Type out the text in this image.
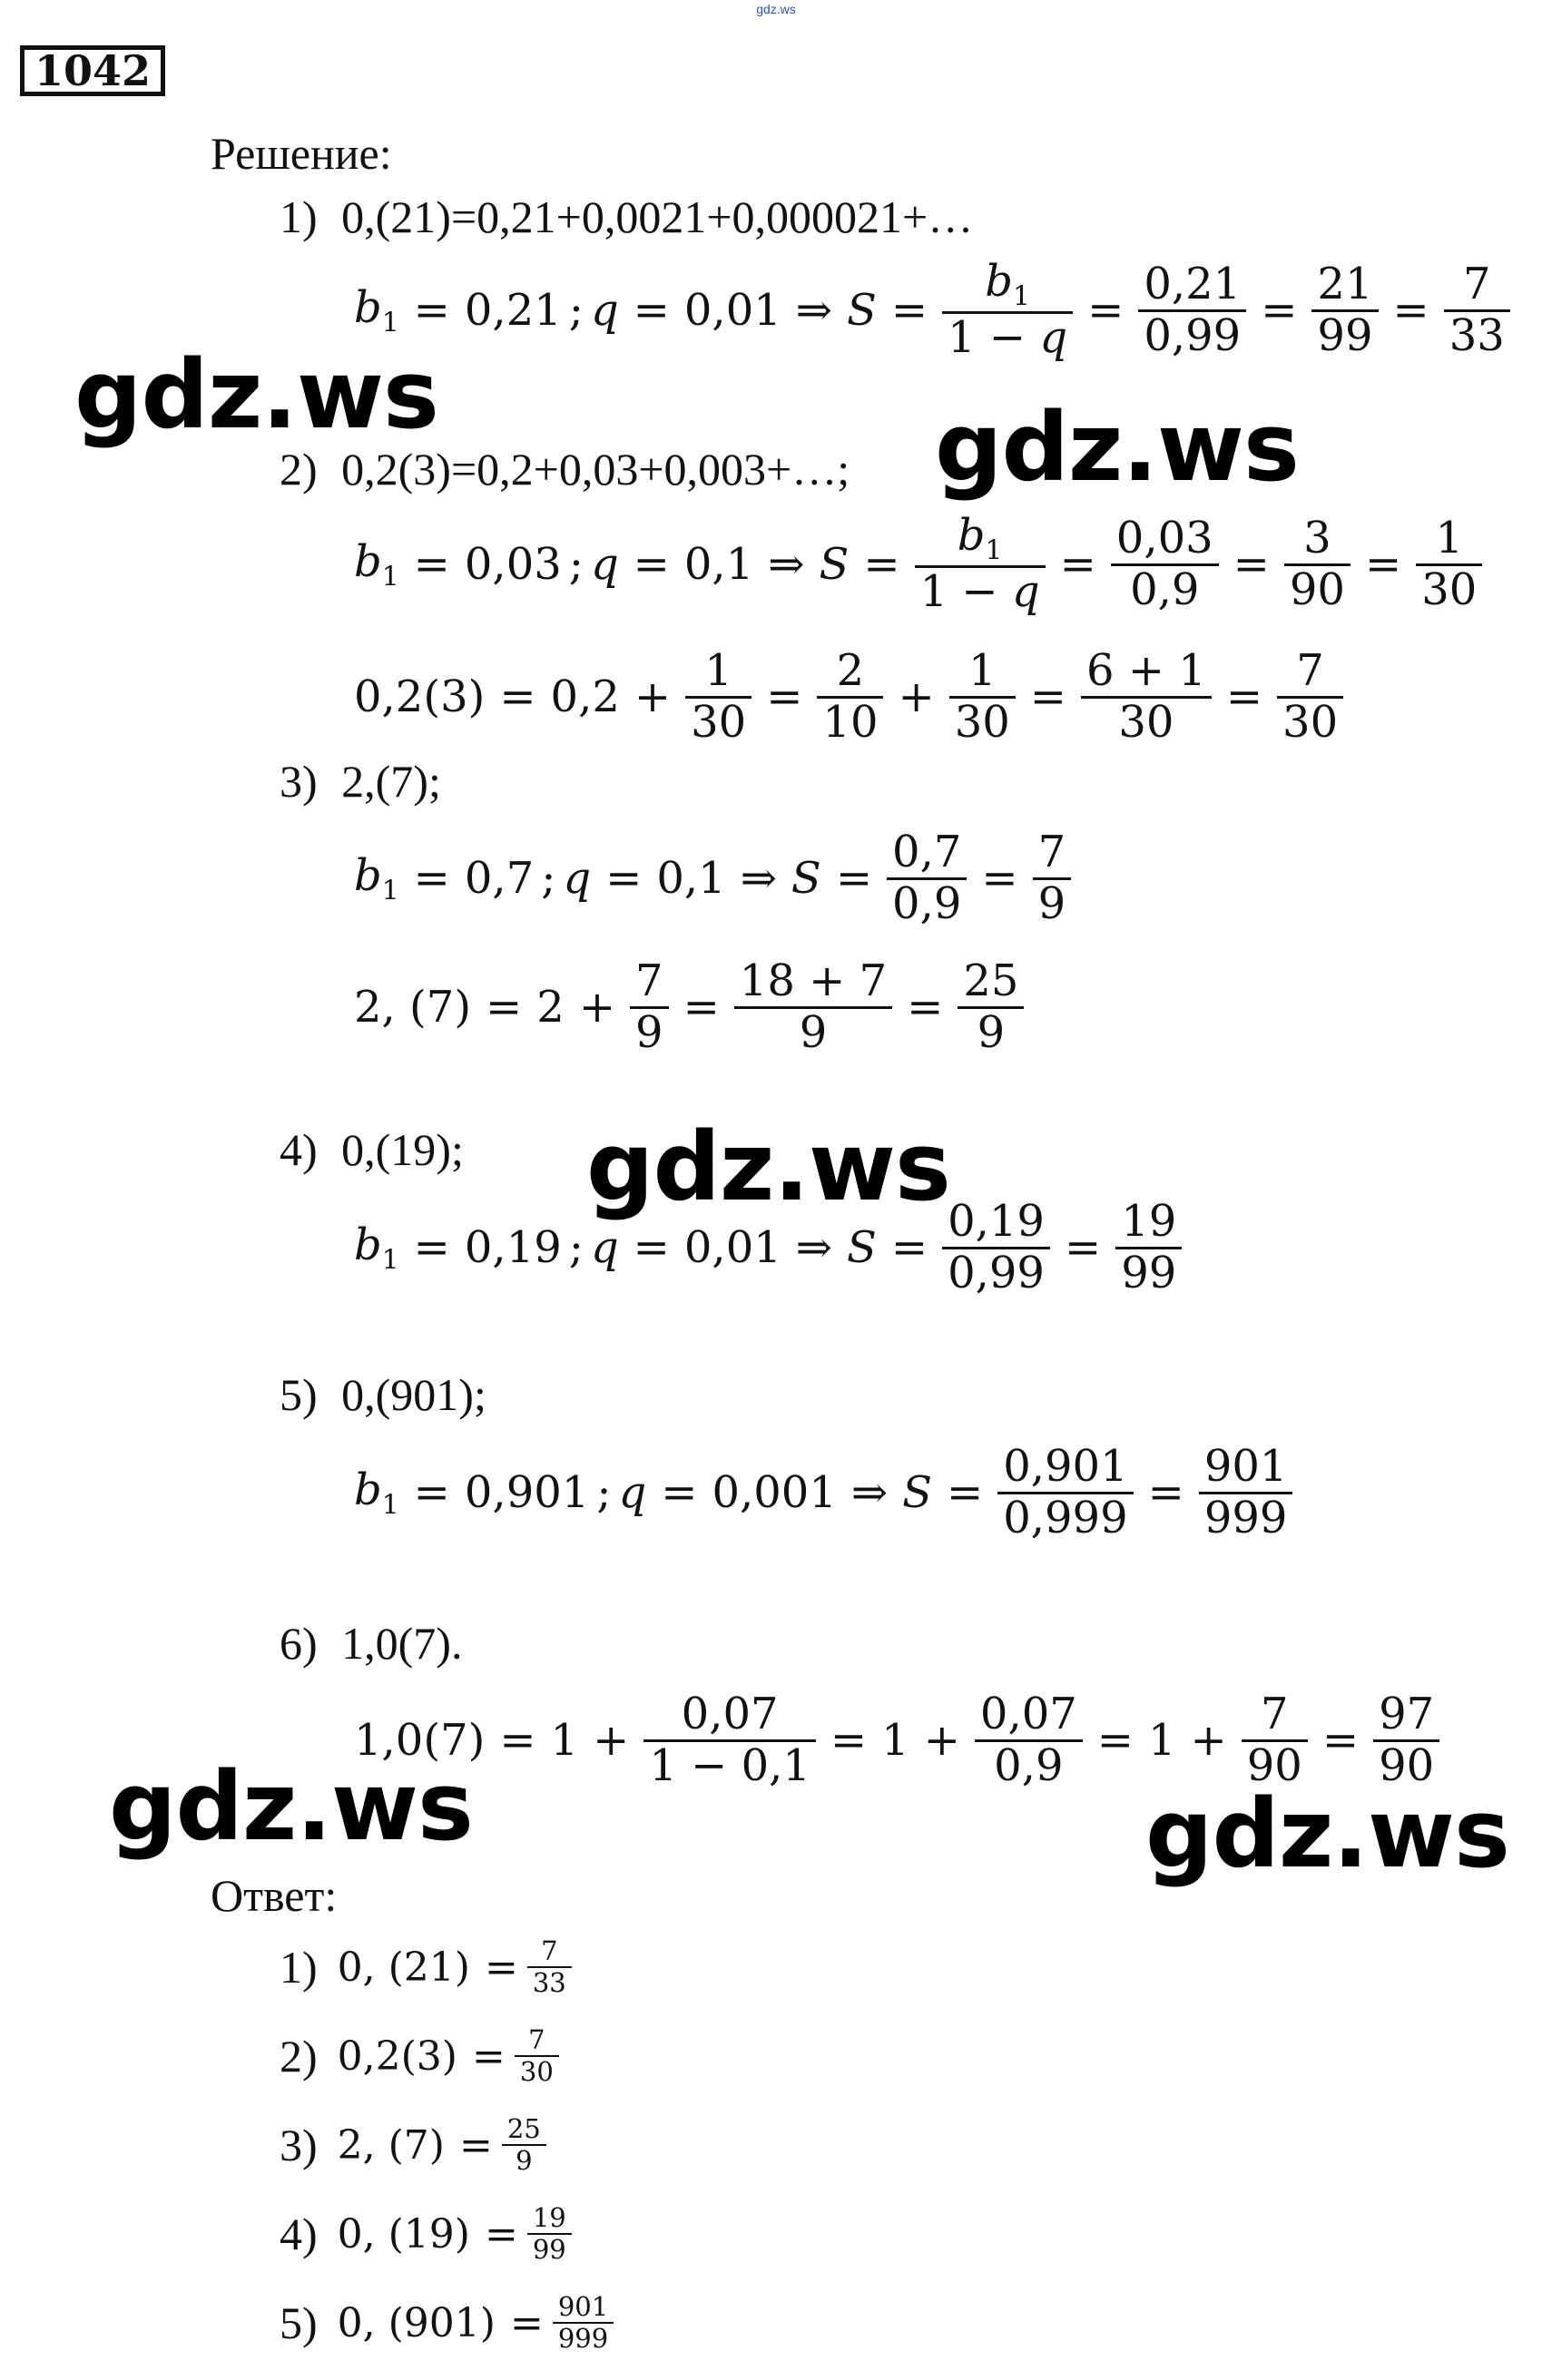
gdz.ws
1042
Решение:
1) 0,(21)=0,21+0,0021+0,000021+…
$b_1 = 0,21$ ; q = 0,01 ⇒ $S = \frac{b_1}{1 - q} = \frac{0,21}{0,99} = \frac{21}{99} = \frac{7}{33}$
2) 0,2(3)=0,2+0,03+0,003+…;
$b_1 = 0,03$ ; q = 0,1 ⇒ $S = \frac{b_1}{1 - q} = \frac{0,03}{0,9} = \frac{3}{90} = \frac{1}{30}$
$0,2(3) = 0,2 + \frac{1}{30} = \frac{2}{10} + \frac{1}{30} = \frac{6 + 1}{30} = \frac{7}{30}$
3) 2,(7);
$b_1 = 0,7$ ; q = 0,1 ⇒ $S = \frac{0,7}{0,9} = \frac{7}{9}$
2, $(7) = 2 + \frac{7}{9} = \frac{18 + 7}{9} = \frac{25}{9}$
4) 0,(19);
$b_1 = 0,19$ ; q = 0,01 ⇒ $S = \frac{0,19}{0,99} = \frac{19}{99}$
5) 0,(901);
$b_1 = 0,901$ ; q = 0,001 ⇒ $S = \frac{0,901}{0,999} = \frac{901}{999}$
6) 1,0(7).
$1,0(7) = 1 + \frac{0,07}{1 - 0,1} = 1 + \frac{0,07}{0,9} = 1 + \frac{7}{90} = \frac{97}{90}$
Ответ:
1) 0, $(21) = \frac{7}{33}$
2) $0,2(3) = \frac{7}{30}$
3) 2, $(7) = \frac{25}{9}$
4) 0, $(19) = \frac{19}{99}$
5) 0, $(901) = \frac{901}{999}$
gdz.ws	gdz.ws
gdz.ws
gdz.ws	gdz.ws
